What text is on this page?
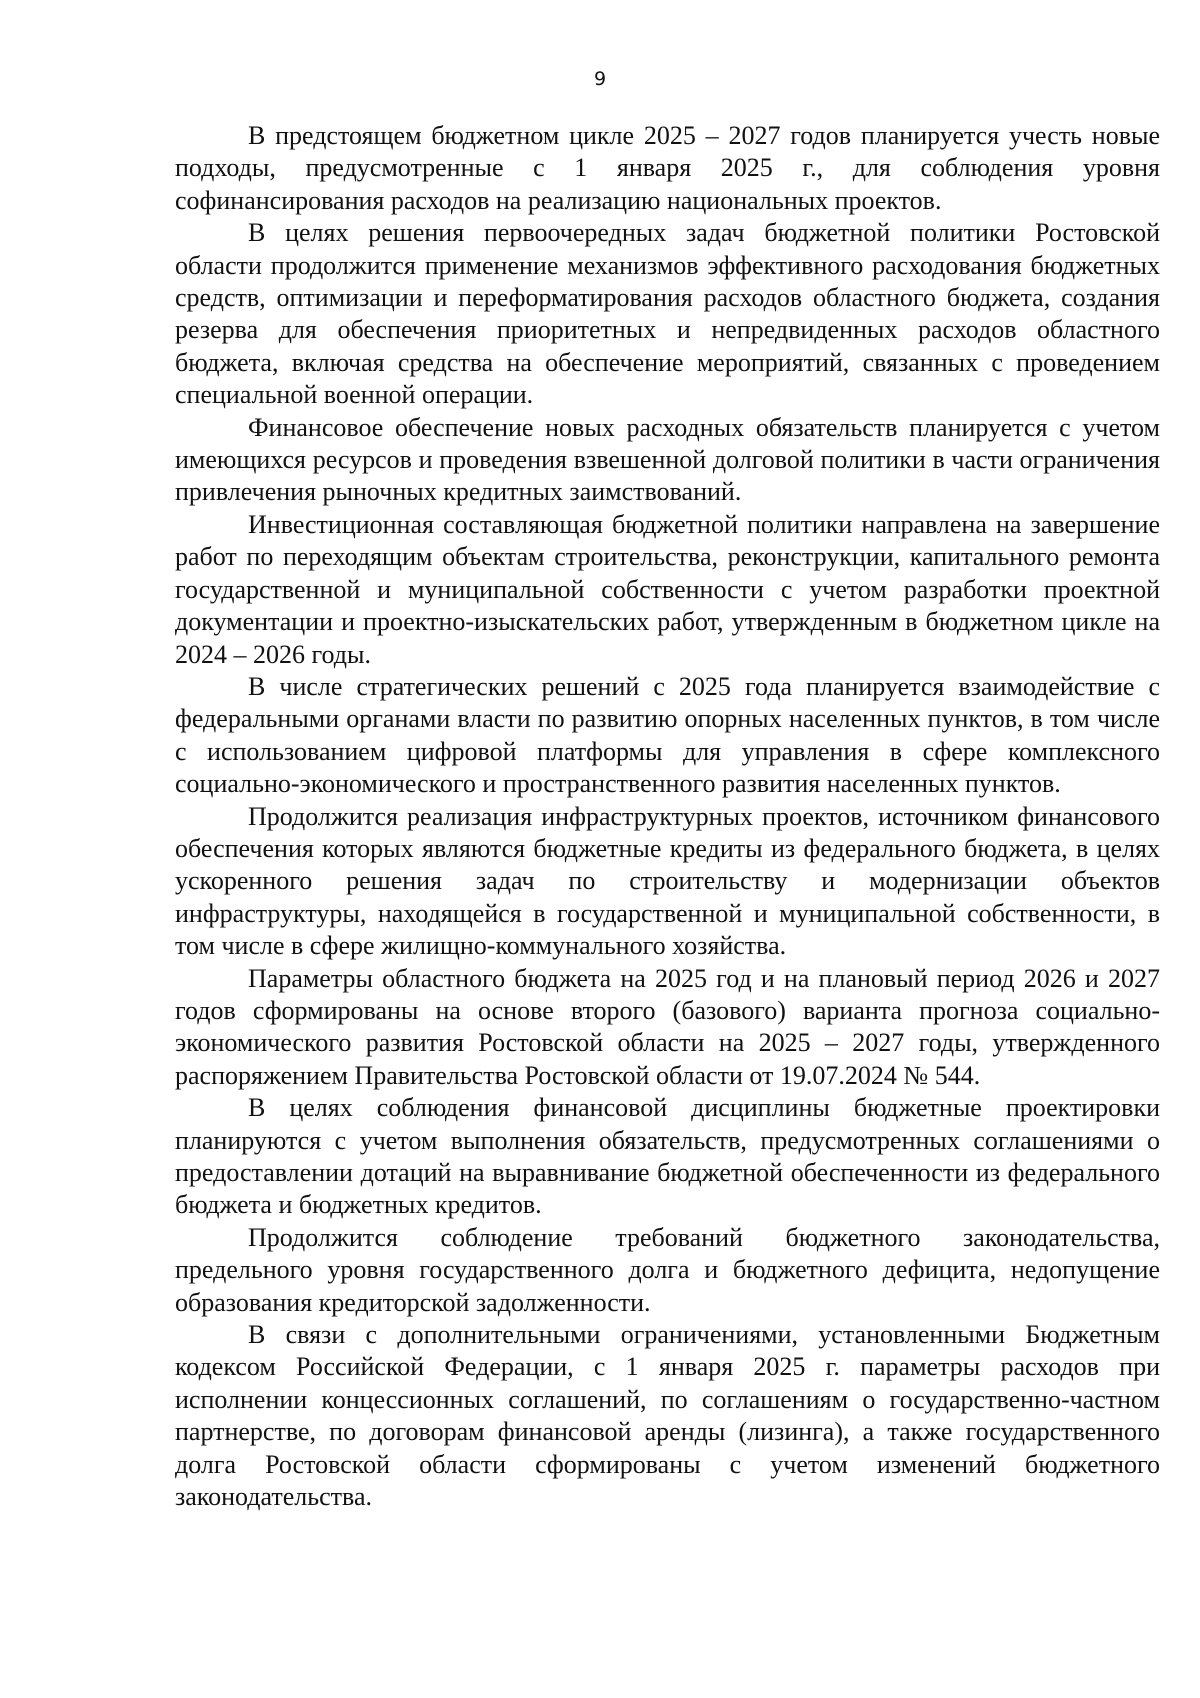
9

В предстоящем бюджетном цикле 2025 – 2027 годов планируется учесть новые подходы, предусмотренные с 1 января 2025 г., для соблюдения уровня софинансирования расходов на реализацию национальных проектов.

В целях решения первоочередных задач бюджетной политики Ростовской области продолжится применение механизмов эффективного расходования бюджетных средств, оптимизации и переформатирования расходов областного бюджета, создания резерва для обеспечения приоритетных и непредвиденных расходов областного бюджета, включая средства на обеспечение мероприятий, связанных с проведением специальной военной операции.

Финансовое обеспечение новых расходных обязательств планируется с учетом имеющихся ресурсов и проведения взвешенной долговой политики в части ограничения привлечения рыночных кредитных заимствований.

Инвестиционная составляющая бюджетной политики направлена на завершение работ по переходящим объектам строительства, реконструкции, капитального ремонта государственной и муниципальной собственности с учетом разработки проектной документации и проектно-изыскательских работ, утвержденным в бюджетном цикле на 2024 – 2026 годы.

В числе стратегических решений с 2025 года планируется взаимодействие с федеральными органами власти по развитию опорных населенных пунктов, в том числе с использованием цифровой платформы для управления в сфере комплексного социально-экономического и пространственного развития населенных пунктов.

Продолжится реализация инфраструктурных проектов, источником финансового обеспечения которых являются бюджетные кредиты из федерального бюджета, в целях ускоренного решения задач по строительству и модернизации объектов инфраструктуры, находящейся в государственной и муниципальной собственности, в том числе в сфере жилищно-коммунального хозяйства.

Параметры областного бюджета на 2025 год и на плановый период 2026 и 2027 годов сформированы на основе второго (базового) варианта прогноза социально-экономического развития Ростовской области на 2025 – 2027 годы, утвержденного распоряжением Правительства Ростовской области от 19.07.2024 № 544.

В целях соблюдения финансовой дисциплины бюджетные проектировки планируются с учетом выполнения обязательств, предусмотренных соглашениями о предоставлении дотаций на выравнивание бюджетной обеспеченности из федерального бюджета и бюджетных кредитов.

Продолжится соблюдение требований бюджетного законодательства, предельного уровня государственного долга и бюджетного дефицита, недопущение образования кредиторской задолженности.

В связи с дополнительными ограничениями, установленными Бюджетным кодексом Российской Федерации, с 1 января 2025 г. параметры расходов при исполнении концессионных соглашений, по соглашениям о государственно-частном партнерстве, по договорам финансовой аренды (лизинга), а также государственного долга Ростовской области сформированы с учетом изменений бюджетного законодательства.
